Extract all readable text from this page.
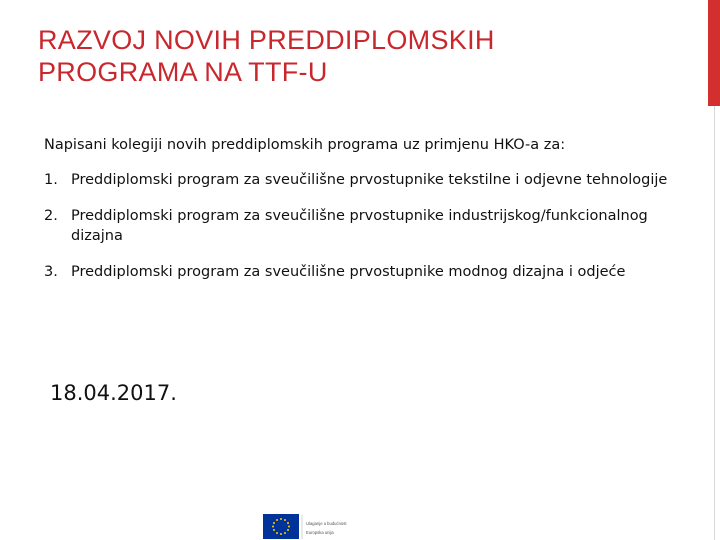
RAZVOJ NOVIH PREDDIPLOMSKIH
PROGRAMA NA TTF-U

Napisani kolegiji novih preddiplomskih programa uz primjenu HKO-a za:

1. Preddiplomski program za sveučilišne prvostupnike tekstilne i odjevne tehnologije
2. Preddiplomski program za sveučilišne prvostupnike industrijskog/funkcionalnog dizajna
3. Preddiplomski program za sveučilišne prvostupnike modnog dizajna i odjeće
18.04.2017.
Ulaganje u budućnost
Europska unija
